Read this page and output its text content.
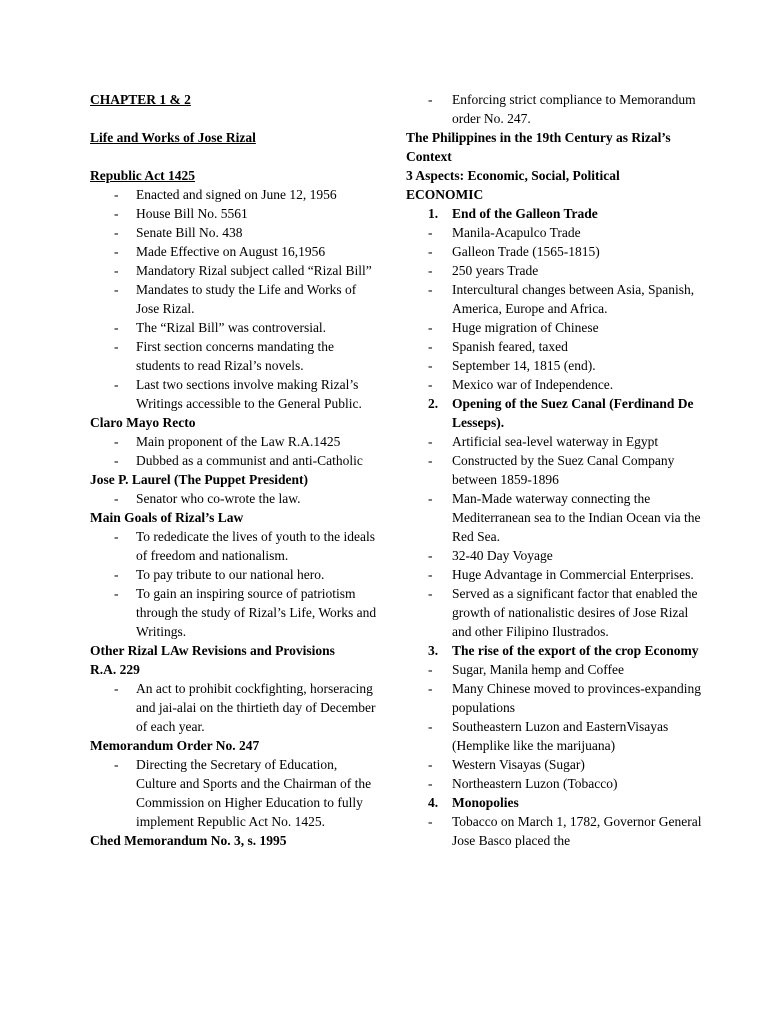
CHAPTER 1 & 2
Life and Works of Jose Rizal
Republic Act 1425
- Enacted and signed on June 12, 1956
- House Bill No. 5561
- Senate Bill No. 438
- Made Effective on August 16,1956
- Mandatory Rizal subject called “Rizal Bill”
- Mandates to study the Life and Works of Jose Rizal.
- The “Rizal Bill” was controversial.
- First section concerns mandating the students to read Rizal’s novels.
- Last two sections involve making Rizal’s Writings accessible to the General Public.
Claro Mayo Recto
- Main proponent of the Law R.A.1425
- Dubbed as a communist and anti-Catholic
Jose P. Laurel (The Puppet President)
- Senator who co-wrote the law.
Main Goals of Rizal’s Law
- To rededicate the lives of youth to the ideals of freedom and nationalism.
- To pay tribute to our national hero.
- To gain an inspiring source of patriotism through the study of Rizal’s Life, Works and Writings.
Other Rizal LAw Revisions and Provisions
R.A. 229
- An act to prohibit cockfighting, horseracing and jai-alai on the thirtieth day of December of each year.
Memorandum Order No. 247
- Directing the Secretary of Education, Culture and Sports and the Chairman of the Commission on Higher Education to fully implement Republic Act No. 1425.
Ched Memorandum No. 3, s. 1995
- Enforcing strict compliance to Memorandum order No. 247.
The Philippines in the 19th Century as Rizal’s Context
3 Aspects: Economic, Social, Political
ECONOMIC
1. End of the Galleon Trade
- Manila-Acapulco Trade
- Galleon Trade (1565-1815)
- 250 years Trade
- Intercultural changes between Asia, Spanish, America, Europe and Africa.
- Huge migration of Chinese
- Spanish feared, taxed
- September 14, 1815 (end).
- Mexico war of Independence.
2. Opening of the Suez Canal (Ferdinand De Lesseps).
- Artificial sea-level waterway in Egypt
- Constructed by the Suez Canal Company between 1859-1896
- Man-Made waterway connecting the Mediterranean sea to the Indian Ocean via the Red Sea.
- 32-40 Day Voyage
- Huge Advantage in Commercial Enterprises.
- Served as a significant factor that enabled the growth of nationalistic desires of Jose Rizal and other Filipino Ilustrados.
3. The rise of the export of the crop Economy
- Sugar, Manila hemp and Coffee
- Many Chinese moved to provinces-expanding populations
- Southeastern Luzon and EasternVisayas (Hemplike like the marijuana)
- Western Visayas (Sugar)
- Northeastern Luzon (Tobacco)
4. Monopolies
- Tobacco on March 1, 1782, Governor General Jose Basco placed the
